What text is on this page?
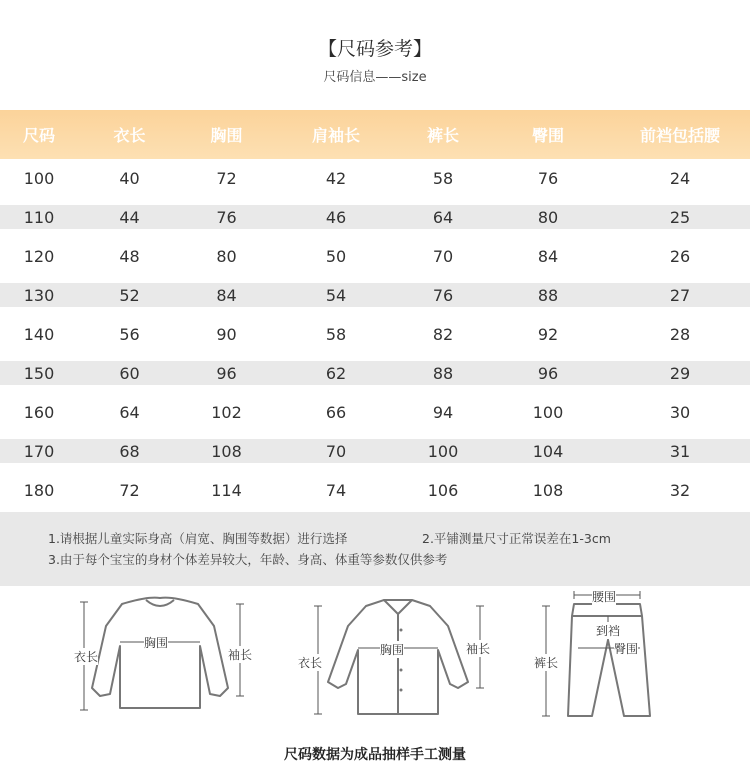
【尺码参考】
尺码信息——size
尺码	衣长	胸围	肩袖长	裤长	臀围	前裆包括腰
100	40	72	42	58	76	24
110	44	76	46	64	80	25
120	48	80	50	70	84	26
130	52	84	54	76	88	27
140	56	90	58	82	92	28
150	60	96	62	88	96	29
160	64	102	66	94	100	30
170	68	108	70	100	104	31
180	72	114	74	106	108	32
1.请根据儿童实际身高（肩宽、胸围等数据）进行选择	2.平铺测量尺寸正常误差在1-3cm
3.由于每个宝宝的身材个体差异较大，年龄、身高、体重等参数仅供参考
衣长
胸围
袖长
衣长
胸围	袖长
腰围
到裆
裤长
臀围
尺码数据为成品抽样手工测量
